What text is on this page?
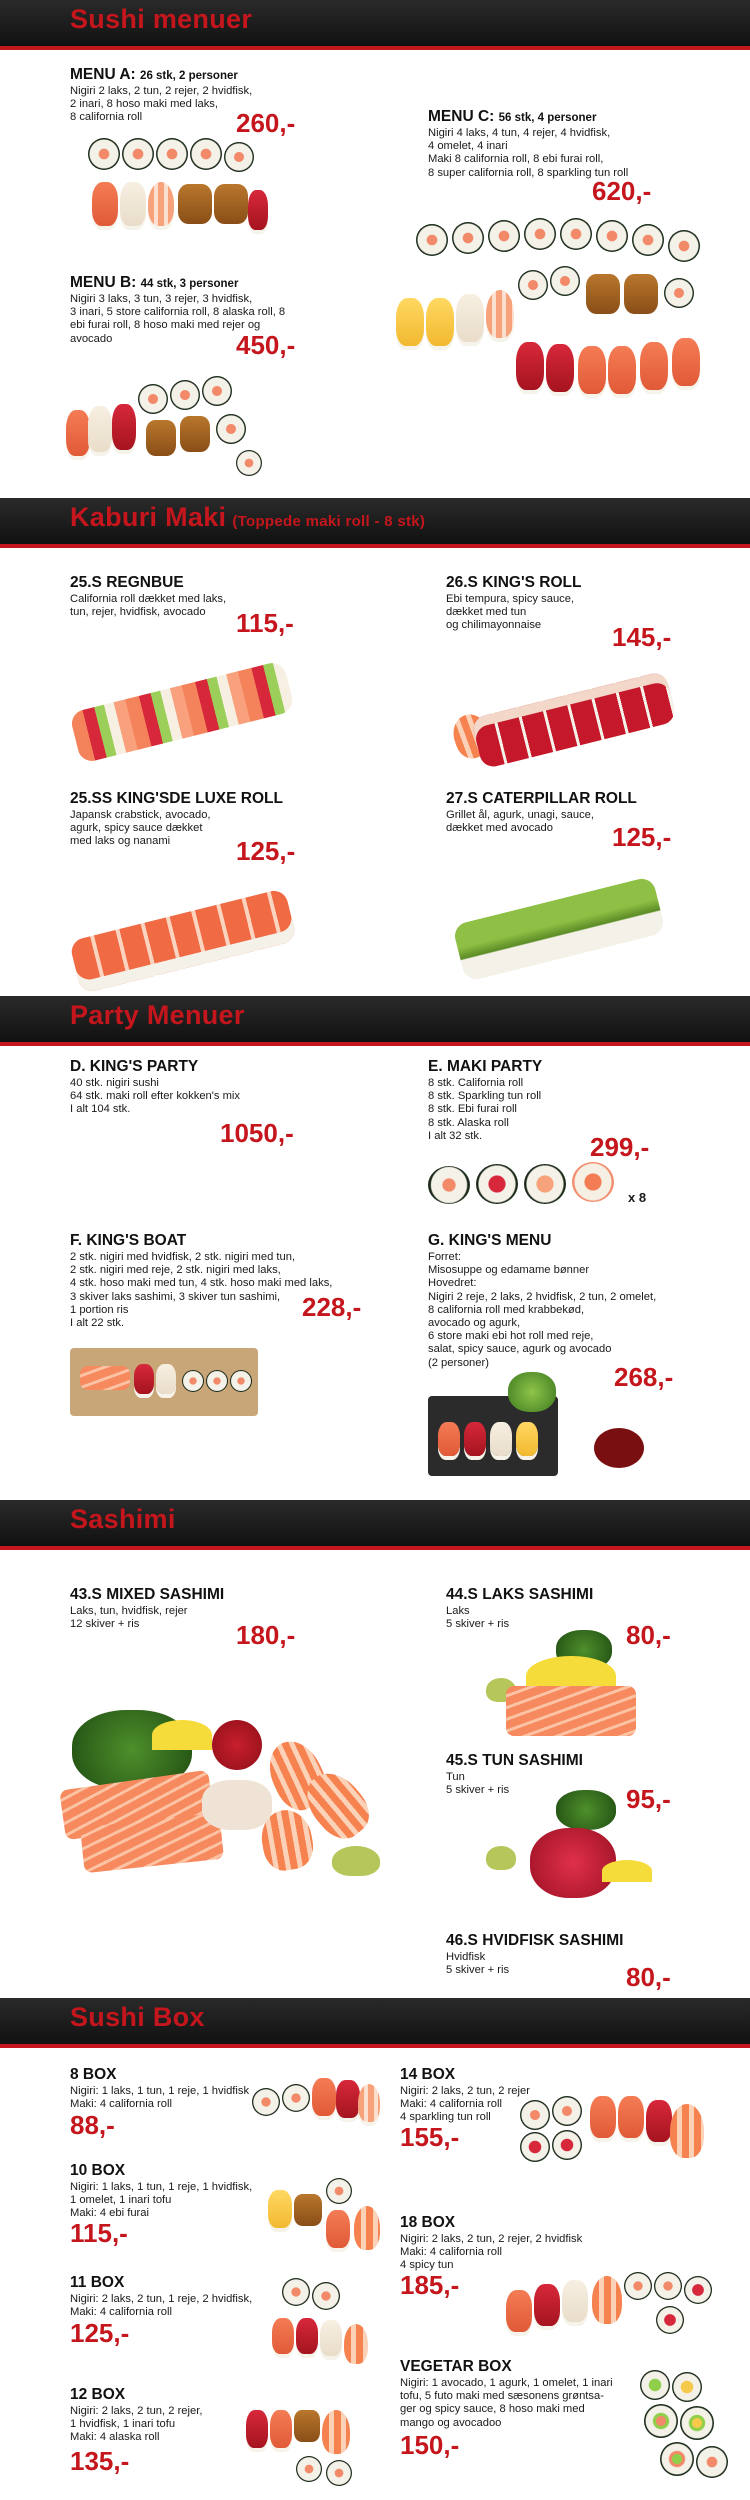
Sushi menuer
MENU A: 26 stk, 2 personer
Nigiri 2 laks, 2 tun, 2 rejer, 2 hvidfisk,
2 inari, 8 hoso maki med laks,
8 california roll	260,-
MENU B: 44 stk, 3 personer
Nigiri 3 laks, 3 tun, 3 rejer, 3 hvidfisk,
3 inari, 5 store california roll, 8 alaska roll, 8
ebi furai roll, 8 hoso maki med rejer og
avocado	450,-
MENU C: 56 stk, 4 personer
Nigiri 4 laks, 4 tun, 4 rejer, 4 hvidfisk,
4 omelet, 4 inari
Maki 8 california roll, 8 ebi furai roll,
8 super california roll, 8 sparkling tun roll
620,-
Kaburi Maki (Toppede maki roll - 8 stk)
25.S REGNBUE
California roll dækket med laks,
tun, rejer, hvidfisk, avocado	115,-
26.S KING'S ROLL
Ebi tempura, spicy sauce,
dækket med tun
og chilimayonnaise	145,-
25.SS KING'SDE LUXE ROLL
Japansk crabstick, avocado,
agurk, spicy sauce dækket
med laks og nanami	125,-
27.S CATERPILLAR ROLL
Grillet ål, agurk, unagi, sauce,
dækket med avocado	125,-
Party Menuer
D. KING'S PARTY
40 stk. nigiri sushi
64 stk. maki roll efter kokken's mix
I alt 104 stk.
1050,-
E. MAKI PARTY
8 stk. California roll
8 stk. Sparkling tun roll
8 stk. Ebi furai roll
8 stk. Alaska roll
I alt 32 stk.	299,-
x 8
F. KING'S BOAT
2 stk. nigiri med hvidfisk, 2 stk. nigiri med tun,
2 stk. nigiri med reje, 2 stk. nigiri med laks,
4 stk. hoso maki med tun, 4 stk. hoso maki med laks,
3 skiver laks sashimi, 3 skiver tun sashimi,
1 portion ris
I alt 22 stk.
228,-
G. KING'S MENU
Forret:
Misosuppe og edamame bønner
Hovedret:
Nigiri 2 reje, 2 laks, 2 hvidfisk, 2 tun, 2 omelet,
8 california roll med krabbekød,
avocado og agurk,
6 store maki ebi hot roll med reje,
salat, spicy sauce, agurk og avocado
(2 personer)	268,-
Sashimi
43.S MIXED SASHIMI
Laks, tun, hvidfisk, rejer
12 skiver + ris	180,-
44.S LAKS SASHIMI
Laks
5 skiver + ris	80,-
45.S TUN SASHIMI
Tun
5 skiver + ris	95,-
46.S HVIDFISK SASHIMI
Hvidfisk
5 skiver + ris	80,-
Sushi Box
8 BOX
Nigiri: 1 laks, 1 tun, 1 reje, 1 hvidfisk
Maki: 4 california roll
88,-
10 BOX
Nigiri: 1 laks, 1 tun, 1 reje, 1 hvidfisk,
1 omelet, 1 inari tofu
Maki: 4 ebi furai
115,-
11 BOX
Nigiri: 2 laks, 2 tun, 1 reje, 2 hvidfisk,
Maki: 4 california roll
125,-
12 BOX
Nigiri: 2 laks, 2 tun, 2 rejer,
1 hvidfisk, 1 inari tofu
Maki: 4 alaska roll
135,-
14 BOX
Nigiri: 2 laks, 2 tun, 2 rejer
Maki: 4 california roll
4 sparkling tun roll
155,-
18 BOX
Nigiri: 2 laks, 2 tun, 2 rejer, 2 hvidfisk
Maki: 4 california roll
4 spicy tun
185,-
VEGETAR BOX
Nigiri: 1 avocado, 1 agurk, 1 omelet, 1 inari
tofu, 5 futo maki med sæsonens grøntsa-
ger og spicy sauce, 8 hoso maki med
mango og avocadoo
150,-
